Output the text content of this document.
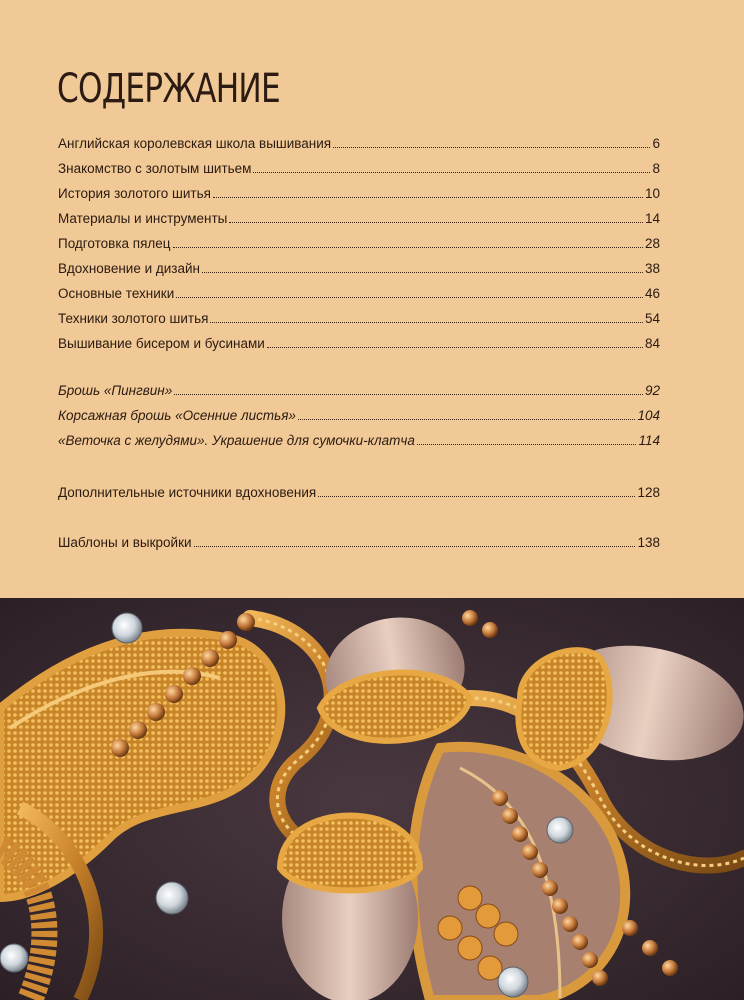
СОДЕРЖАНИЕ
Английская королевская школа вышивания	6
Знакомство с золотым шитьем	8
История золотого шитья	10
Материалы и инструменты	14
Подготовка пялец	28
Вдохновение и дизайн	38
Основные техники	46
Техники золотого шитья	54
Вышивание бисером и бусинами	84
Брошь «Пингвин»	92
Корсажная брошь «Осенние листья»	104
«Веточка с желудями». Украшение для сумочки-клатча	114
Дополнительные источники вдохновения	128
Шаблоны и выкройки	138
